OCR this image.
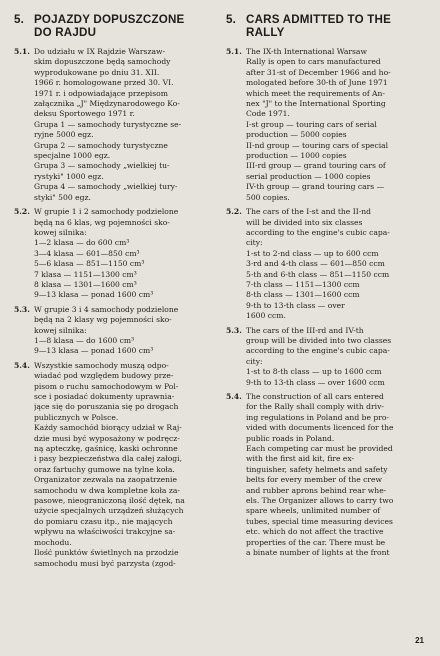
5. POJAZDY DOPUSZCZONE
DO RAJDU
5.1. Do udziału w IX Rajdzie Warszaw-
skim dopuszczone będą samochody
wyprodukowane po dniu 31. XII.
1966 r. homologowane przed 30. VI.
1971 r. i odpowiadające przepisom
załącznika „J" Międzynarodowego Ko-
deksu Sportowego 1971 r.
Grupa 1 — samochody turystyczne se-
ryjne 5000 egz.
Grupa 2 — samochody turystyczne
specjalne 1000 egz.
Grupa 3 — samochody „wielkiej tu-
rystyki" 1000 egz.
Grupa 4 — samochody „wielkiej tury-
styki" 500 egz.
5.2. W grupie 1 i 2 samochody podzielone
będą na 6 klas, wg pojemności sko-
kowej silnika:
1—2 klasa — do 600 cm³
3—4 klasa — 601—850 cm³
5—6 klasa — 851—1150 cm³
7 klasa — 1151—1300 cm³
8 klasa — 1301—1600 cm³
9—13 klasa — ponad 1600 cm³
5.3. W grupie 3 i 4 samochody podzielone
będą na 2 klasy wg pojemności sko-
kowej silnika:
1—8 klasa — do 1600 cm³
9—13 klasa — ponad 1600 cm³
5.4. Wszystkie samochody muszą odpo-
wiadać pod względem budowy prze-
pisom o ruchu samochodowym w Pol-
sce i posiadać dokumenty uprawnia-
jące się do poruszania się po drogach
publicznych w Polsce.
Każdy samochód biorący udział w Raj-
dzie musi być wyposażony w podręcz-
ną apteczkę, gaśnicę, kaski ochronne
i pasy bezpieczeństwa dla całej załogi,
oraz fartuchy gumowe na tylne koła.
Organizator zezwala na zaopatrzenie
samochodu w dwa kompletne koła za-
pasowe, nieograniczoną ilość dętek, na
użycie specjalnych urządzeń służących
do pomiaru czasu itp., nie mających
wpływu na właściwości trakcyjne sa-
mochodu.
Ilość punktów świetlnych na przodzie
samochodu musi być parzysta (zgod-
5. CARS ADMITTED TO THE
RALLY
5.1. The IX-th International Warsaw
Rally is open to cars manufactured
after 31-st of December 1966 and ho-
mologated before 30-th of June 1971
which meet the requirements of An-
nex "J" to the International Sporting
Code 1971.
I-st group — touring cars of serial
production — 5000 copies
II-nd group — touring cars of special
production — 1000 copies
III-rd group — grand touring cars of
serial production — 1000 copies
IV-th group — grand touring cars —
500 copies.
5.2. The cars of the I-st and the II-nd
will be divided into six classes
according to the engine's cubic capa-
city:
1-st to 2-nd class — up to 600 ccm
3-rd and 4-th class — 601—850 ccm
5-th and 6-th class — 851—1150 ccm
7-th class — 1151—1300 ccm
8-th class — 1301—1600 ccm
9-th to 13-th class — over
1600 ccm.
5.3. The cars of the III-rd and IV-th
group will be divided into two classes
according to the engine's cubic capa-
city:
1-st to 8-th class — up to 1600 ccm
9-th to 13-th class — over 1600 ccm
5.4. The construction of all cars entered
for the Rally shall comply with driv-
ing regulations in Poland and be pro-
vided with documents licenced for the
public roads in Poland.
Each competing car must be provided
with the first aid kit, fire ex-
tinguisher, safety helmets and safety
belts for every member of the crew
and rubber aprons behind rear whe-
els. The Organizer allows to carry two
spare wheels, unlimited number of
tubes, special time measuring devices
etc. which do not affect the tractive
properties of the car. There must be
a binate number of lights at the front
21
